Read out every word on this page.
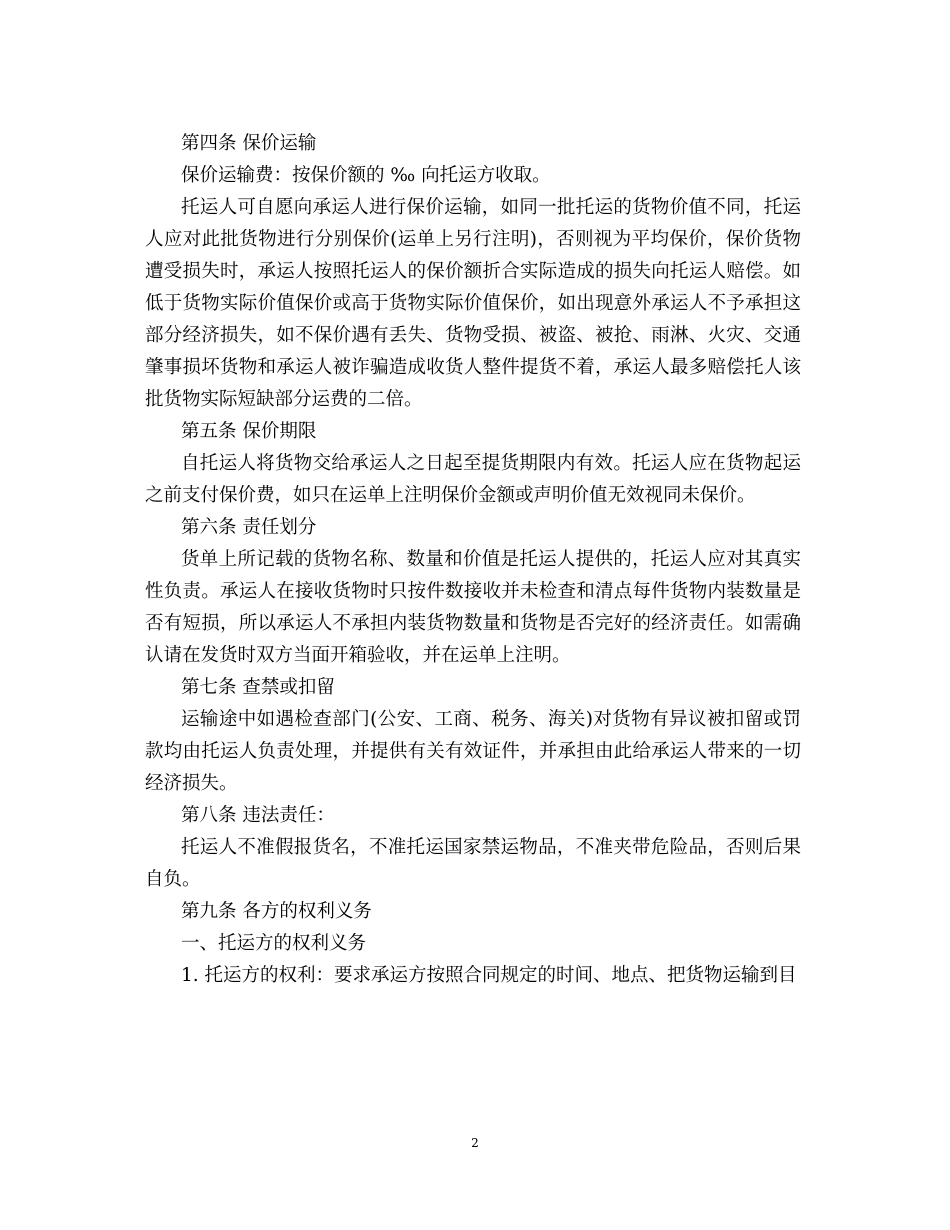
第四条 保价运输

保价运输费：按保价额的 ‰ 向托运方收取。

托运人可自愿向承运人进行保价运输，如同一批托运的货物价值不同，托运人应对此批货物进行分别保价(运单上另行注明)，否则视为平均保价，保价货物遭受损失时，承运人按照托运人的保价额折合实际造成的损失向托运人赔偿。如低于货物实际价值保价或高于货物实际价值保价，如出现意外承运人不予承担这部分经济损失，如不保价遇有丢失、货物受损、被盗、被抢、雨淋、火灾、交通肇事损坏货物和承运人被诈骗造成收货人整件提货不着，承运人最多赔偿托人该批货物实际短缺部分运费的二倍。

第五条 保价期限

自托运人将货物交给承运人之日起至提货期限内有效。托运人应在货物起运之前支付保价费，如只在运单上注明保价金额或声明价值无效视同未保价。

第六条 责任划分

货单上所记载的货物名称、数量和价值是托运人提供的，托运人应对其真实性负责。承运人在接收货物时只按件数接收并未检查和清点每件货物内装数量是否有短损，所以承运人不承担内装货物数量和货物是否完好的经济责任。如需确认请在发货时双方当面开箱验收，并在运单上注明。

第七条 查禁或扣留

运输途中如遇检查部门(公安、工商、税务、海关)对货物有异议被扣留或罚款均由托运人负责处理，并提供有关有效证件，并承担由此给承运人带来的一切经济损失。

第八条 违法责任：

托运人不准假报货名，不准托运国家禁运物品，不准夹带危险品，否则后果自负。

第九条 各方的权利义务

一、托运方的权利义务

1. 托运方的权利：要求承运方按照合同规定的时间、地点、把货物运输到目

2
